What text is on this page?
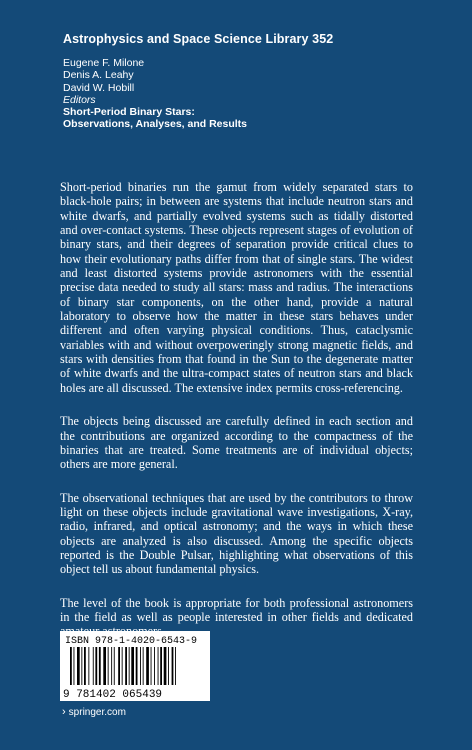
Astrophysics and Space Science Library 352
Eugene F. Milone
Denis A. Leahy
David W. Hobill
Editors
Short-Period Binary Stars:
Observations, Analyses, and Results

Short-period binaries run the gamut from widely separated stars to black-hole pairs; in between are systems that include neutron stars and white dwarfs, and partially evolved systems such as tidally distorted and over-contact systems. These objects represent stages of evolution of binary stars, and their degrees of separation provide critical clues to how their evolutionary paths differ from that of single stars. The widest and least distorted systems provide astronomers with the essential precise data needed to study all stars: mass and radius. The interactions of binary star components, on the other hand, provide a natural laboratory to observe how the matter in these stars behaves under different and often varying physical conditions. Thus, cataclysmic variables with and without overpoweringly strong magnetic fields, and stars with densities from that found in the Sun to the degenerate matter of white dwarfs and the ultra-compact states of neutron stars and black holes are all discussed. The extensive index permits cross-referencing.

The objects being discussed are carefully defined in each section and the contributions are organized according to the compactness of the binaries that are treated. Some treatments are of individual objects; others are more general.

The observational techniques that are used by the contributors to throw light on these objects include gravitational wave investigations, X-ray, radio, infrared, and optical astronomy; and the ways in which these objects are analyzed is also discussed. Among the specific objects reported is the Double Pulsar, highlighting what observations of this object tell us about fundamental physics.

The level of the book is appropriate for both professional astronomers in the field as well as people interested in other fields and dedicated

ISBN 978-1-4020-6543-9
9 781402 065439
› springer.com
